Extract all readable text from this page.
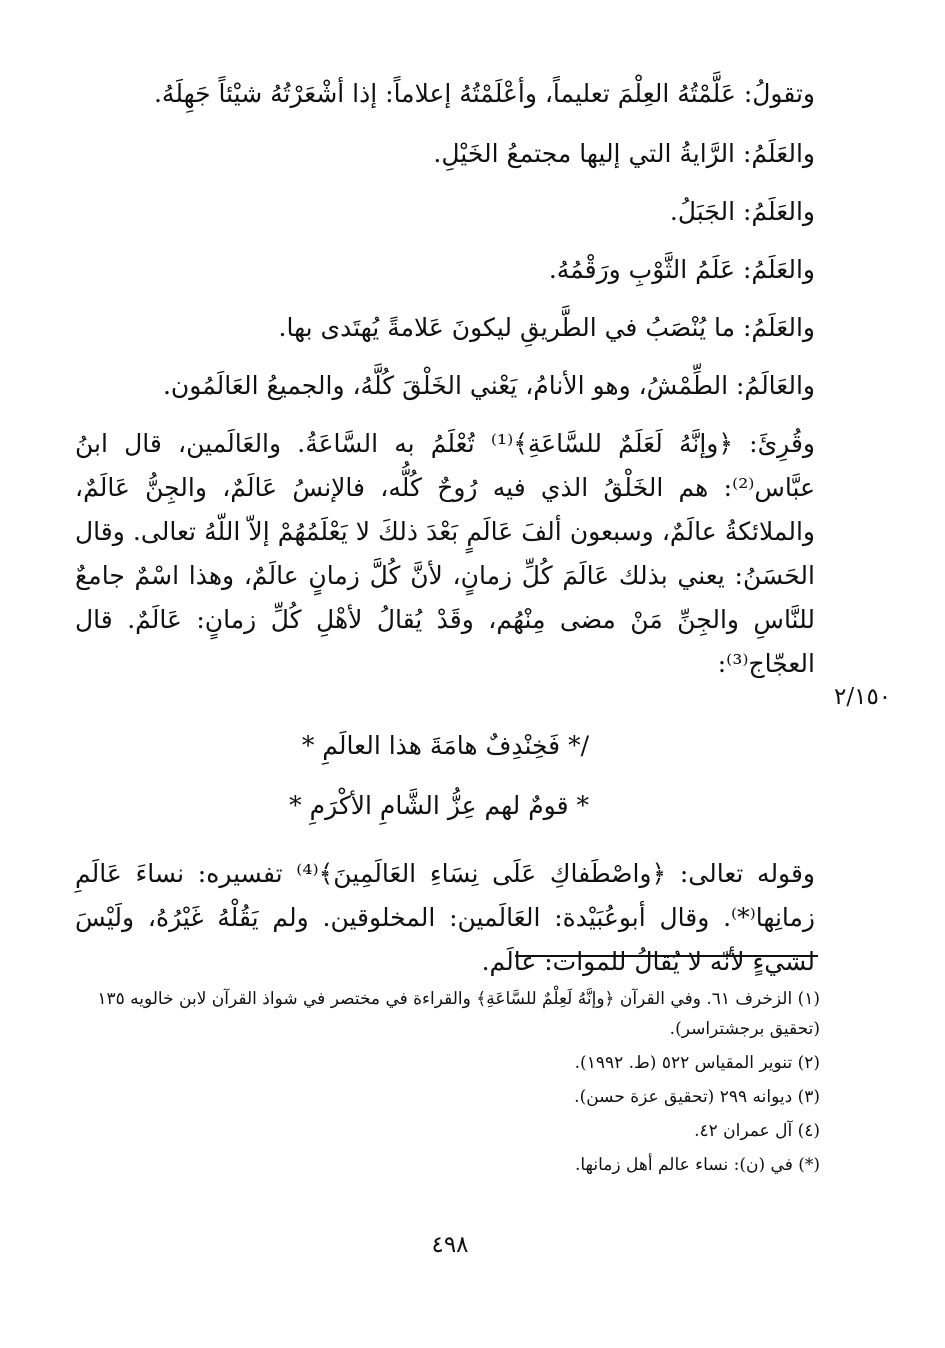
وتقولُ: عَلَّمْتُهُ العِلْمَ تعليماً، وأعْلَمْتُهُ إعلاماً: إذا أشْعَرْتُهُ شيْئاً جَهِلَهُ.

والعَلَمُ: الرَّايةُ التي إليها مجتمعُ الخَيْلِ.

والعَلَمُ: الجَبَلُ.

والعَلَمُ: عَلَمُ الثَّوْبِ ورَقْمُهُ.

والعَلَمُ: ما يُنْصَبُ في الطَّريقِ ليكونَ عَلامةً يُهتَدى بها.

والعَالَمُ: الطِّمْشُ، وهو الأنامُ، يَعْني الخَلْقَ كُلَّهُ، والجميعُ العَالَمُون.

وقُرِئَ: ﴿وإنَّهُ لَعَلَمٌ للسَّاعَةِ﴾⁽¹⁾ تُعْلَمُ به السَّاعَةُ. والعَالَمين، قال ابنُ عبَّاس⁽²⁾: هم الخَلْقُ الذي فيه رُوحٌ كُلُّه، فالإنسُ عَالَمٌ، والجِنُّ عَالَمٌ، والملائكةُ عالَمٌ، وسبعون ألفَ عَالَمٍ بَعْدَ ذلكَ لا يَعْلَمُهُمْ إلاّ اللّهُ تعالى. وقال الحَسَنُ: يعني بذلك عَالَمَ كُلِّ زمانٍ، لأنَّ كُلَّ زمانٍ عالَمٌ، وهذا اسْمٌ جامعٌ للنَّاسِ والجِنِّ مَنْ مضى مِنْهُم، وقَدْ يُقالُ لأهْلِ كُلِّ زمانٍ: عَالَمٌ. قال العجّاج⁽³⁾:

/* فَخِنْدِفٌ هامَةَ هذا العالَمِ *

* قومٌ لهم عِزُّ الشَّامِ الأكْرَمِ *

وقوله تعالى: ﴿واصْطَفاكِ عَلَى نِسَاءِ العَالَمِينَ﴾⁽⁴⁾ تفسيره: نساءَ عَالَمِ زمانِها⁽*⁾. وقال أبوعُبَيْدة: العَالَمين: المخلوقين. ولم يَقُلْهُ غَيْرُهُ، ولَيْسَ لشيءٍ لأنّه لا يُقالُ للموات: عالَم.

٢/١٥٠

(١) الزخرف ٦١. وفي القرآن ﴿وإنَّهُ لَعِلْمٌ للسَّاعَةِ﴾ والقراءة في مختصر في شواذ القرآن لابن خالويه ١٣٥ (تحقيق برجشتراسر).

(٢) تنوير المقياس ٥٢٢ (ط. ١٩٩٢).

(٣) ديوانه ٢٩٩ (تحقيق عزة حسن).

(٤) آل عمران ٤٢.

(*) في (ن): نساء عالم أهل زمانها.

٤٩٨
